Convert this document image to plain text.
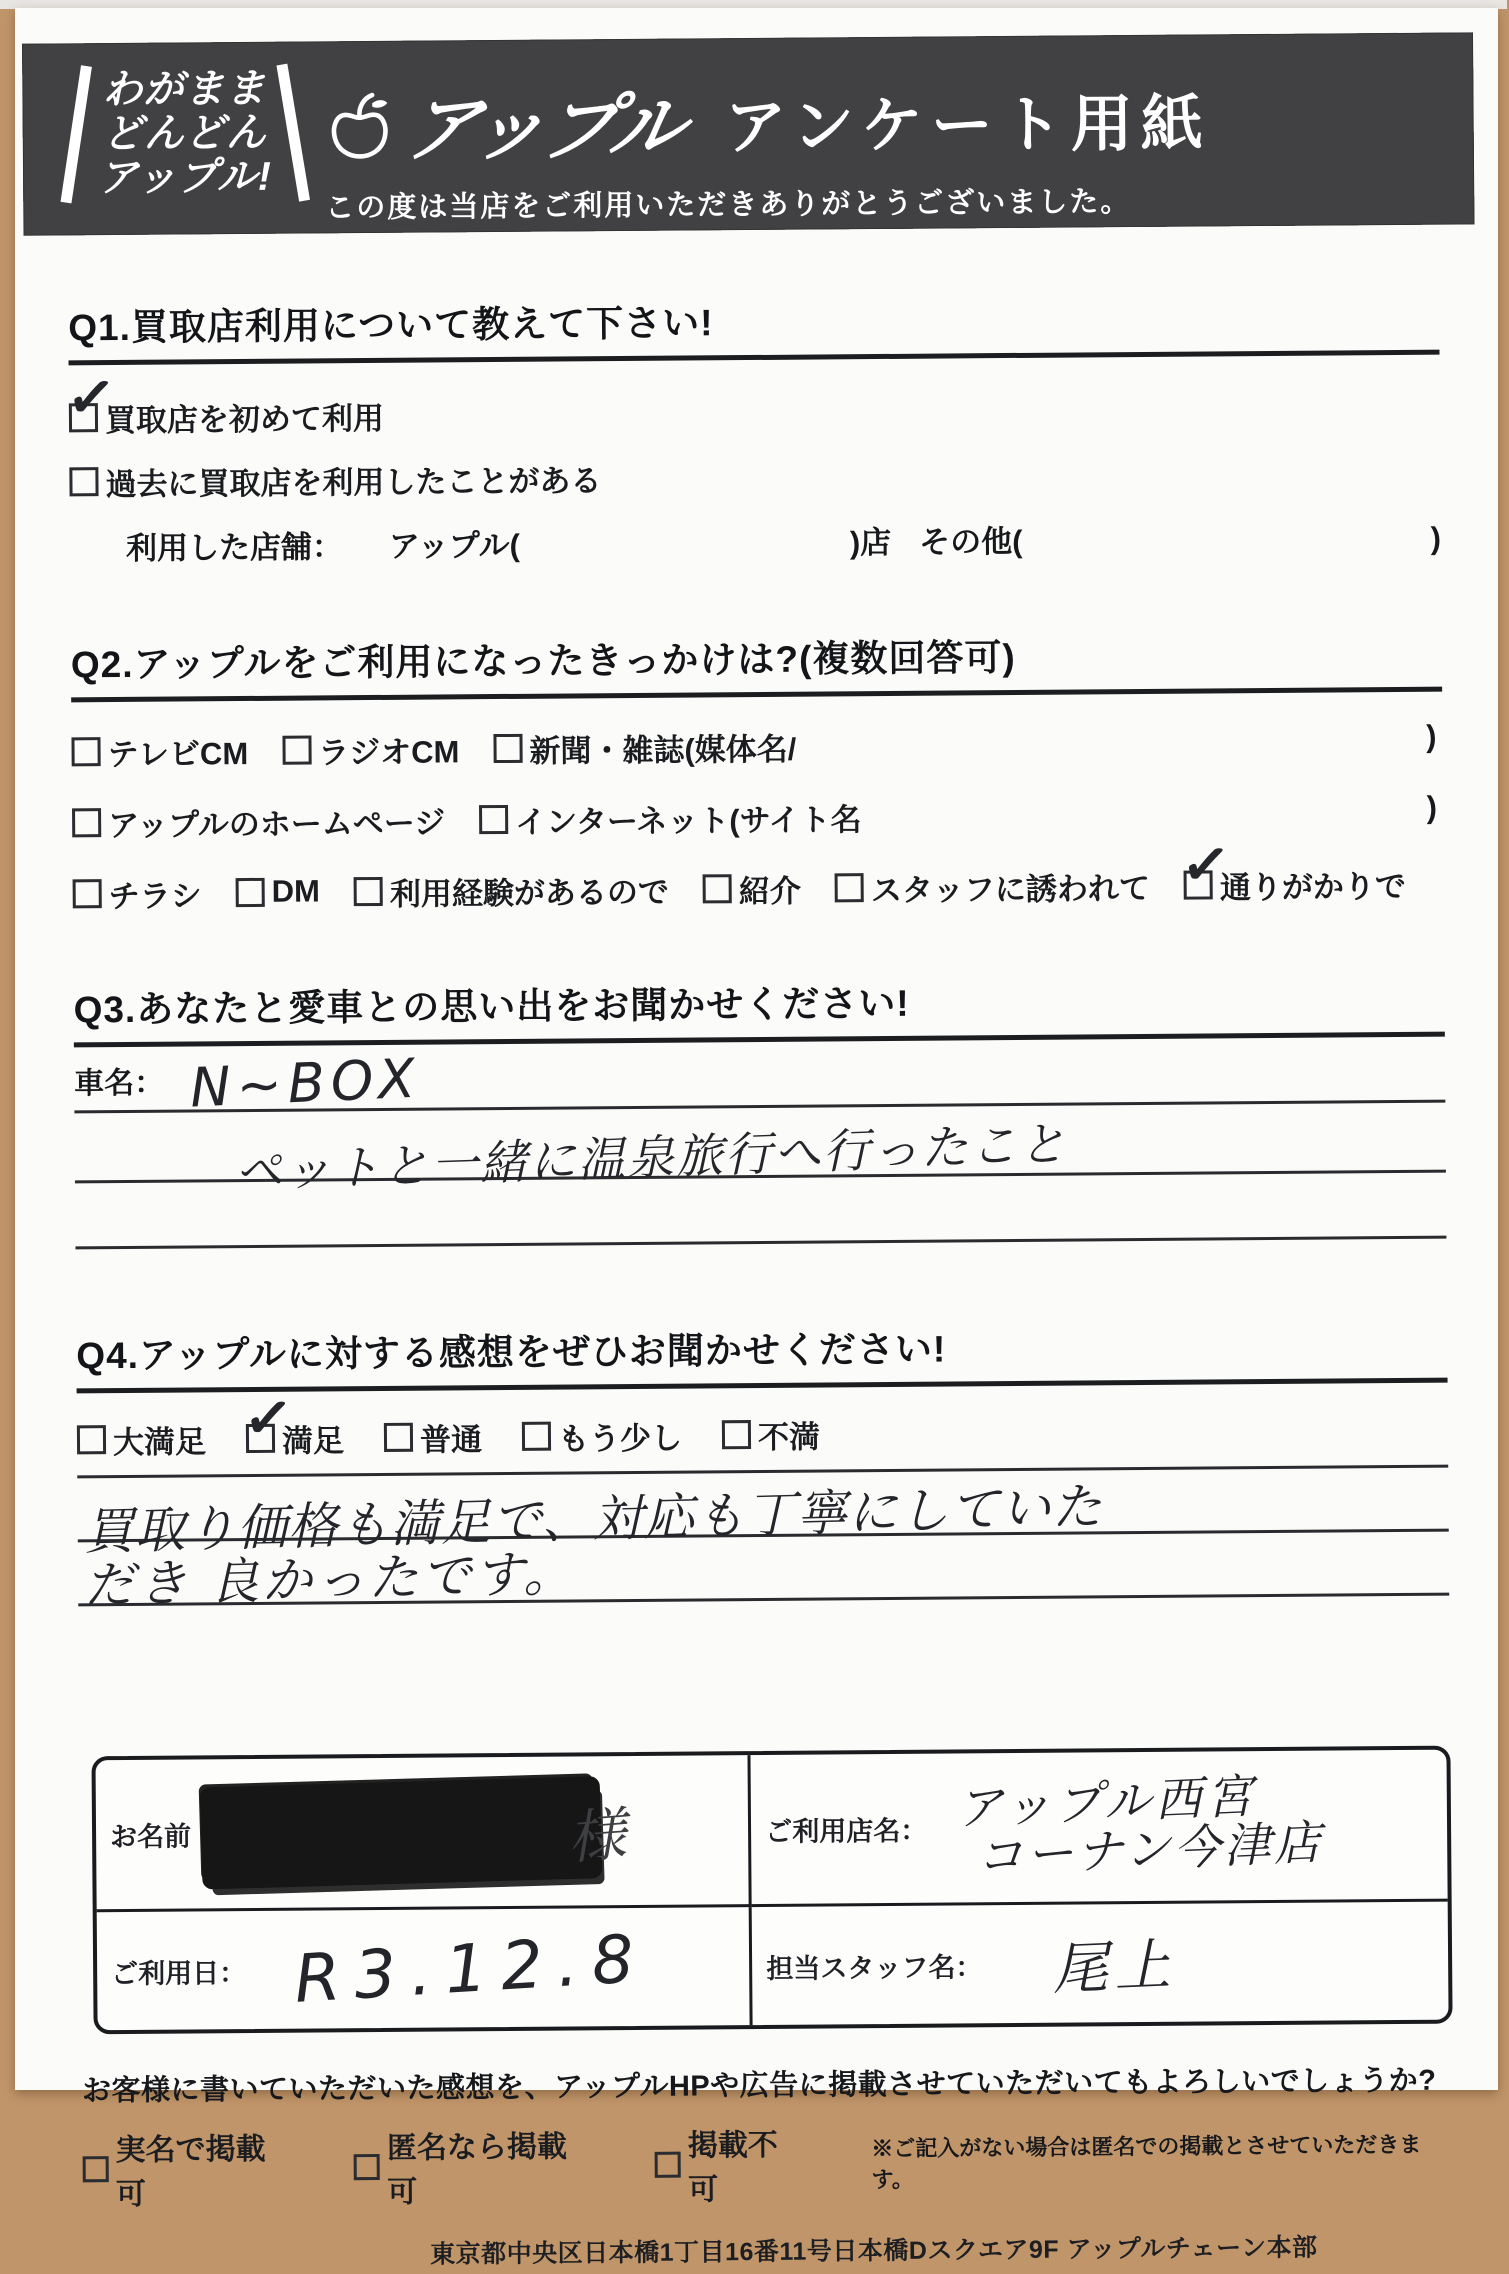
わがまま
どんどん
アップル!
アップル アンケート用紙
この度は当店をご利用いただきありがとうございました。
Q1.買取店利用について教えて下さい!
✓
買取店を初めて利用
過去に買取店を利用したことがある
利用した店舗： アップル(	)店 その他(	)
Q2.アップルをご利用になったきっかけは?(複数回答可)
テレビCM ラジオCM 新聞・雑誌(媒体名/	)
アップルのホームページ インターネット(サイト名	)
チラシ DM 利用経験があるので 紹介 スタッフに誘われて ✓
通りがかりで
Q3.あなたと愛車との思い出をお聞かせください!
車名： N~BOX
ペットと一緒に温泉旅行へ行ったこと
Q4.アップルに対する感想をぜひお聞かせください!
大満足 ✓
満足 普通 もう少し 不満
買取り価格も満足で、対応も丁寧にしていた
だき 良かったです。
お名前	様	ご利用店名： アップル西宮
コーナン今津店
ご利用日： R3.12.8	担当スタッフ名： 尾上
お客様に書いていただいた感想を、アップルHPや広告に掲載させていただいてもよろしいでしょうか?
実名で掲載可
匿名なら掲載可
掲載不可
※ご記入がない場合は匿名での掲載とさせていただきます。
東京都中央区日本橋1丁目16番11号日本橋Dスクエア9F アップルチェーン本部
